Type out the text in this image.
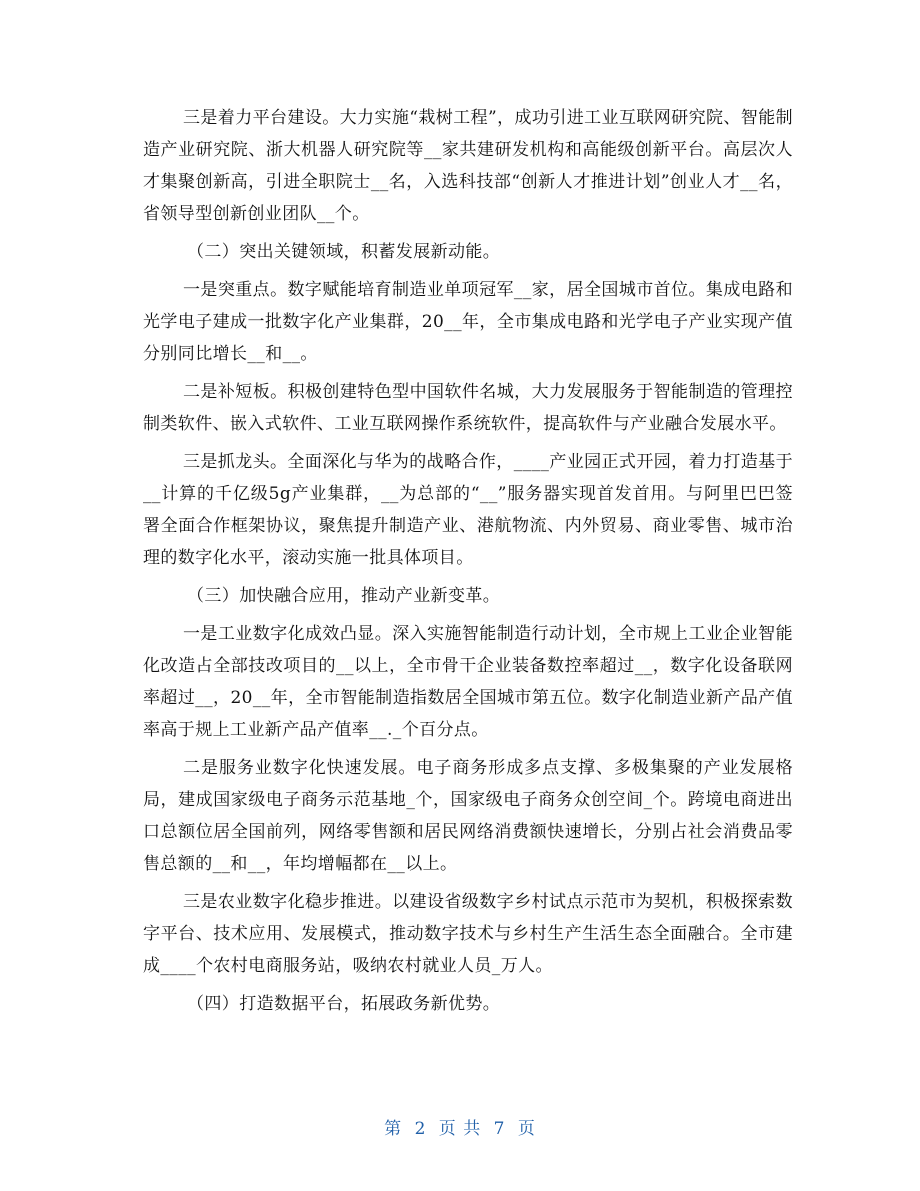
三是着力平台建设。大力实施“栽树工程”，成功引进工业互联网研究院、智能制造产业研究院、浙大机器人研究院等__家共建研发机构和高能级创新平台。高层次人才集聚创新高，引进全职院士__名，入选科技部“创新人才推进计划”创业人才__名，省领导型创新创业团队__个。

（二）突出关键领域，积蓄发展新动能。

一是突重点。数字赋能培育制造业单项冠军__家，居全国城市首位。集成电路和光学电子建成一批数字化产业集群，20__年，全市集成电路和光学电子产业实现产值分别同比增长__和__。

二是补短板。积极创建特色型中国软件名城，大力发展服务于智能制造的管理控制类软件、嵌入式软件、工业互联网操作系统软件，提高软件与产业融合发展水平。

三是抓龙头。全面深化与华为的战略合作，____产业园正式开园，着力打造基于__计算的千亿级5g产业集群，__为总部的“__”服务器实现首发首用。与阿里巴巴签署全面合作框架协议，聚焦提升制造产业、港航物流、内外贸易、商业零售、城市治理的数字化水平，滚动实施一批具体项目。

（三）加快融合应用，推动产业新变革。

一是工业数字化成效凸显。深入实施智能制造行动计划，全市规上工业企业智能化改造占全部技改项目的__以上，全市骨干企业装备数控率超过__，数字化设备联网率超过__，20__年，全市智能制造指数居全国城市第五位。数字化制造业新产品产值率高于规上工业新产品产值率__._个百分点。

二是服务业数字化快速发展。电子商务形成多点支撑、多极集聚的产业发展格局，建成国家级电子商务示范基地_个，国家级电子商务众创空间_个。跨境电商进出口总额位居全国前列，网络零售额和居民网络消费额快速增长，分别占社会消费品零售总额的__和__，年均增幅都在__以上。

三是农业数字化稳步推进。以建设省级数字乡村试点示范市为契机，积极探索数字平台、技术应用、发展模式，推动数字技术与乡村生产生活生态全面融合。全市建成____个农村电商服务站，吸纳农村就业人员_万人。

（四）打造数据平台，拓展政务新优势。

第 2 页 共 7 页
